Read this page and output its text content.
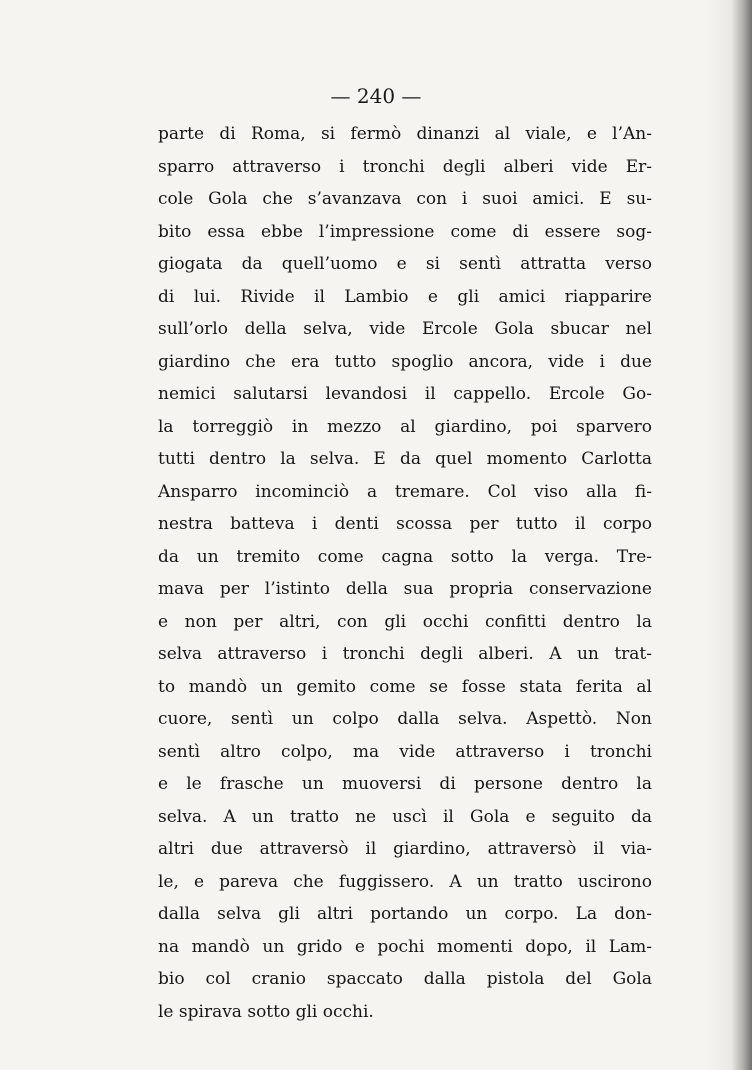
— 240 —

parte di Roma, si fermò dinanzi al viale, e l’An-
sparro attraverso i tronchi degli alberi vide Er-
cole Gola che s’avanzava con i suoi amici. E su-
bito essa ebbe l’impressione come di essere sog-
giogata da quell’uomo e si sentì attratta verso
di lui. Rivide il Lambio e gli amici riapparire
sull’orlo della selva, vide Ercole Gola sbucar nel
giardino che era tutto spoglio ancora, vide i due
nemici salutarsi levandosi il cappello. Ercole Go-
la torreggiò in mezzo al giardino, poi sparvero
tutti dentro la selva. E da quel momento Carlotta
Ansparro incominciò a tremare. Col viso alla fi-
nestra batteva i denti scossa per tutto il corpo
da un tremito come cagna sotto la verga. Tre-
mava per l’istinto della sua propria conservazione
e non per altri, con gli occhi confitti dentro la
selva attraverso i tronchi degli alberi. A un trat-
to mandò un gemito come se fosse stata ferita al
cuore, sentì un colpo dalla selva. Aspettò. Non
sentì altro colpo, ma vide attraverso i tronchi
e le frasche un muoversi di persone dentro la
selva. A un tratto ne uscì il Gola e seguito da
altri due attraversò il giardino, attraversò il via-
le, e pareva che fuggissero. A un tratto uscirono
dalla selva gli altri portando un corpo. La don-
na mandò un grido e pochi momenti dopo, il Lam-
bio col cranio spaccato dalla pistola del Gola
le spirava sotto gli occhi.
